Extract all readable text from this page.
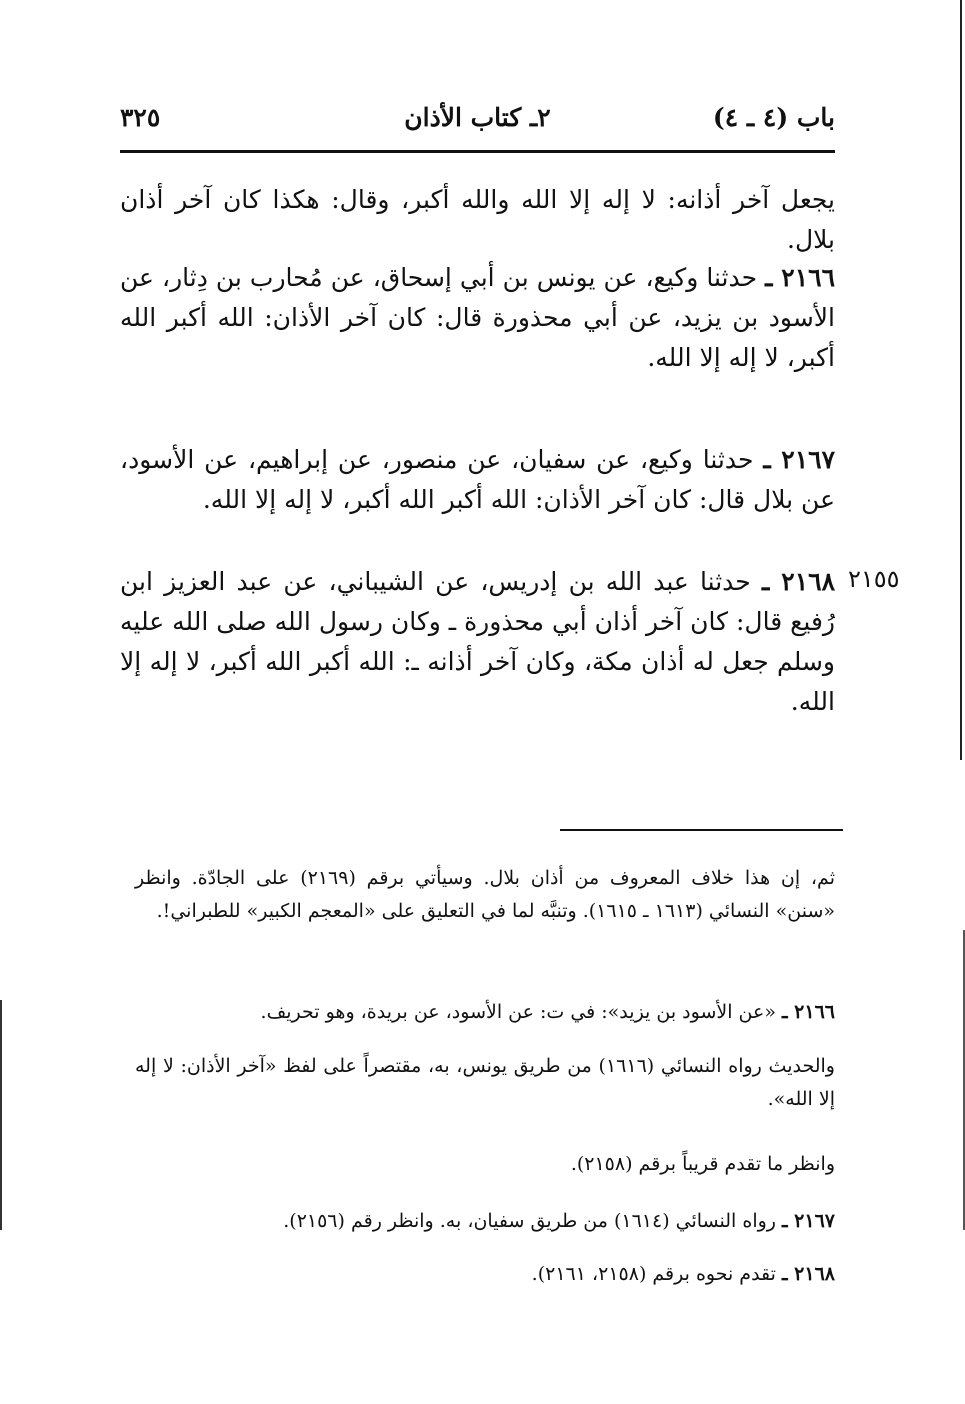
باب (٤ ـ ٤)
٢ـ كتاب الأذان
٣٢٥

يجعل آخر أذانه: لا إله إلا الله والله أكبر، وقال: هكذا كان آخر أذان بلال.

٢١٦٦ ـ حدثنا وكيع، عن يونس بن أبي إسحاق، عن مُحارب بن دِثار، عن الأسود بن يزيد، عن أبي محذورة قال: كان آخر الأذان: الله أكبر الله أكبر، لا إله إلا الله.

٢١٦٧ ـ حدثنا وكيع، عن سفيان، عن منصور، عن إبراهيم، عن الأسود، عن بلال قال: كان آخر الأذان: الله أكبر الله أكبر، لا إله إلا الله.

٢١٥٥

٢١٦٨ ـ حدثنا عبد الله بن إدريس، عن الشيباني، عن عبد العزيز ابن رُفيع قال: كان آخر أذان أبي محذورة ـ وكان رسول الله صلى الله عليه وسلم جعل له أذان مكة، وكان آخر أذانه ـ: الله أكبر الله أكبر، لا إله إلا الله.

ثم، إن هذا خلاف المعروف من أذان بلال. وسيأتي برقم (٢١٦٩) على الجادّة. وانظر «سنن» النسائي (١٦١٣ ـ ١٦١٥). وتنبَّه لما في التعليق على «المعجم الكبير» للطبراني!.

٢١٦٦ ـ «عن الأسود بن يزيد»: في ت: عن الأسود، عن بريدة، وهو تحريف.

والحديث رواه النسائي (١٦١٦) من طريق يونس، به، مقتصراً على لفظ «آخر الأذان: لا إله إلا الله».

وانظر ما تقدم قريباً برقم (٢١٥٨).

٢١٦٧ ـ رواه النسائي (١٦١٤) من طريق سفيان، به. وانظر رقم (٢١٥٦).

٢١٦٨ ـ تقدم نحوه برقم (٢١٥٨، ٢١٦١).
